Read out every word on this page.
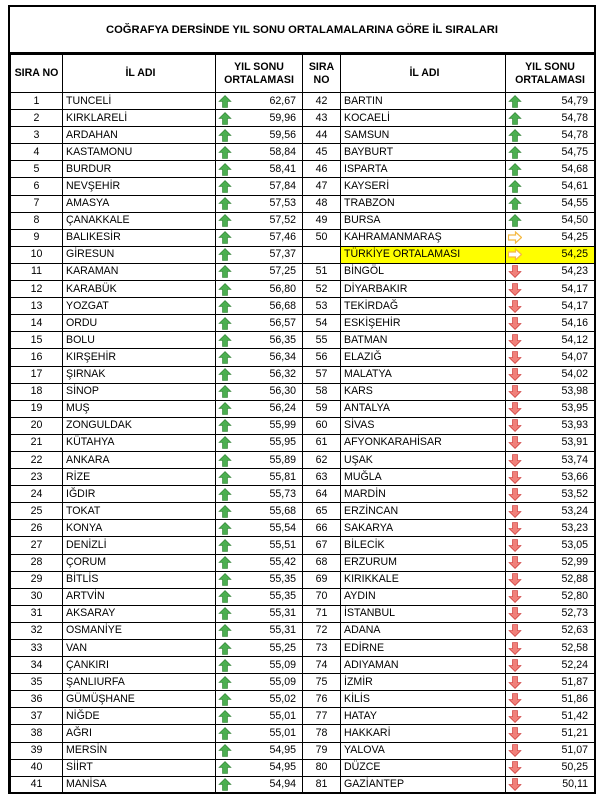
COĞRAFYA DERSİNDE YIL SONU ORTALAMALARINA GÖRE İL SIRALARI
SIRA NO	İL ADI	YIL SONU
ORTALAMASI
1	TUNCELİ	62,67

2	KIRKLARELİ	59,96

3	ARDAHAN	59,56

4	KASTAMONU	58,84

5	BURDUR	58,41

6	NEVŞEHİR	57,84

7	AMASYA	57,53

8	ÇANAKKALE	57,52

9	BALIKESİR	57,46

10	GİRESUN	57,37

11	KARAMAN	57,25

12	KARABÜK	56,80

13	YOZGAT	56,68

14	ORDU	56,57

15	BOLU	56,35

16	KIRŞEHİR	56,34

17	ŞIRNAK	56,32

18	SİNOP	56,30

19	MUŞ	56,24

20	ZONGULDAK	55,99

21	KÜTAHYA	55,95

22	ANKARA	55,89

23	RİZE	55,81

24	IĞDIR	55,73

25	TOKAT	55,68

26	KONYA	55,54

27	DENİZLİ	55,51

28	ÇORUM	55,42

29	BİTLİS	55,35

30	ARTVİN	55,35

31	AKSARAY	55,31

32	OSMANİYE	55,31

33	VAN	55,25

34	ÇANKIRI	55,09

35	ŞANLIURFA	55,09

36	GÜMÜŞHANE	55,02

37	NİĞDE	55,01

38	AĞRI	55,01

39	MERSİN	54,95

40	SİİRT	54,95

41	MANİSA	54,94
SIRA
NO	İL ADI	YIL SONU
ORTALAMASI
42	BARTIN	54,79

43	KOCAELİ	54,78

44	SAMSUN	54,78

45	BAYBURT	54,75

46	ISPARTA	54,68

47	KAYSERİ	54,61

48	TRABZON	54,55

49	BURSA	54,50

50	KAHRAMANMARAŞ	54,25

	TÜRKİYE ORTALAMASI	54,25

51	BİNGÖL	54,23

52	DİYARBAKIR	54,17

53	TEKİRDAĞ	54,17

54	ESKİŞEHİR	54,16

55	BATMAN	54,12

56	ELAZIĞ	54,07

57	MALATYA	54,02

58	KARS	53,98

59	ANTALYA	53,95

60	SİVAS	53,93

61	AFYONKARAHİSAR	53,91

62	UŞAK	53,74

63	MUĞLA	53,66

64	MARDİN	53,52

65	ERZİNCAN	53,24

66	SAKARYA	53,23

67	BİLECİK	53,05

68	ERZURUM	52,99

69	KIRIKKALE	52,88

70	AYDIN	52,80

71	İSTANBUL	52,73

72	ADANA	52,63

73	EDİRNE	52,58

74	ADIYAMAN	52,24

75	İZMİR	51,87

76	KİLİS	51,86

77	HATAY	51,42

78	HAKKARİ	51,21

79	YALOVA	51,07

80	DÜZCE	50,25

81	GAZİANTEP	50,11
